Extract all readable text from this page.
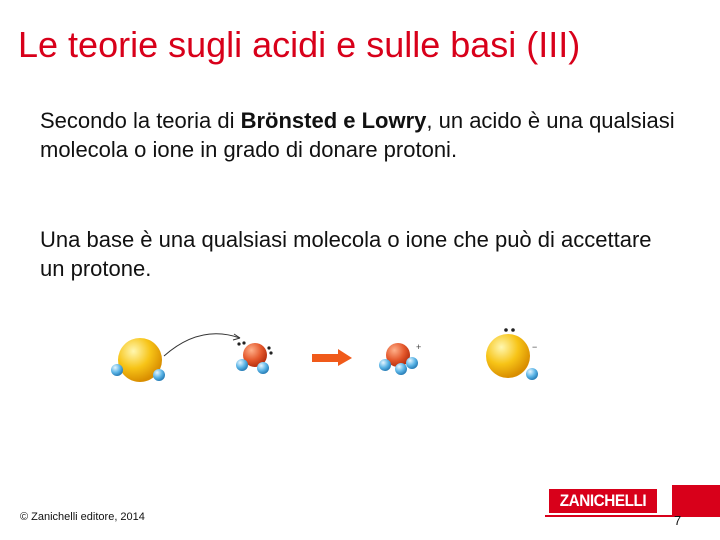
Le teorie sugli acidi e sulle basi (III)
Secondo la teoria di Brönsted e Lowry, un acido è una qualsiasi molecola o ione in grado di donare protoni.
Una base è una qualsiasi molecola o ione che può di accettare un protone.
+	−
© Zanichelli editore, 2014
ZANICHELLI
7
